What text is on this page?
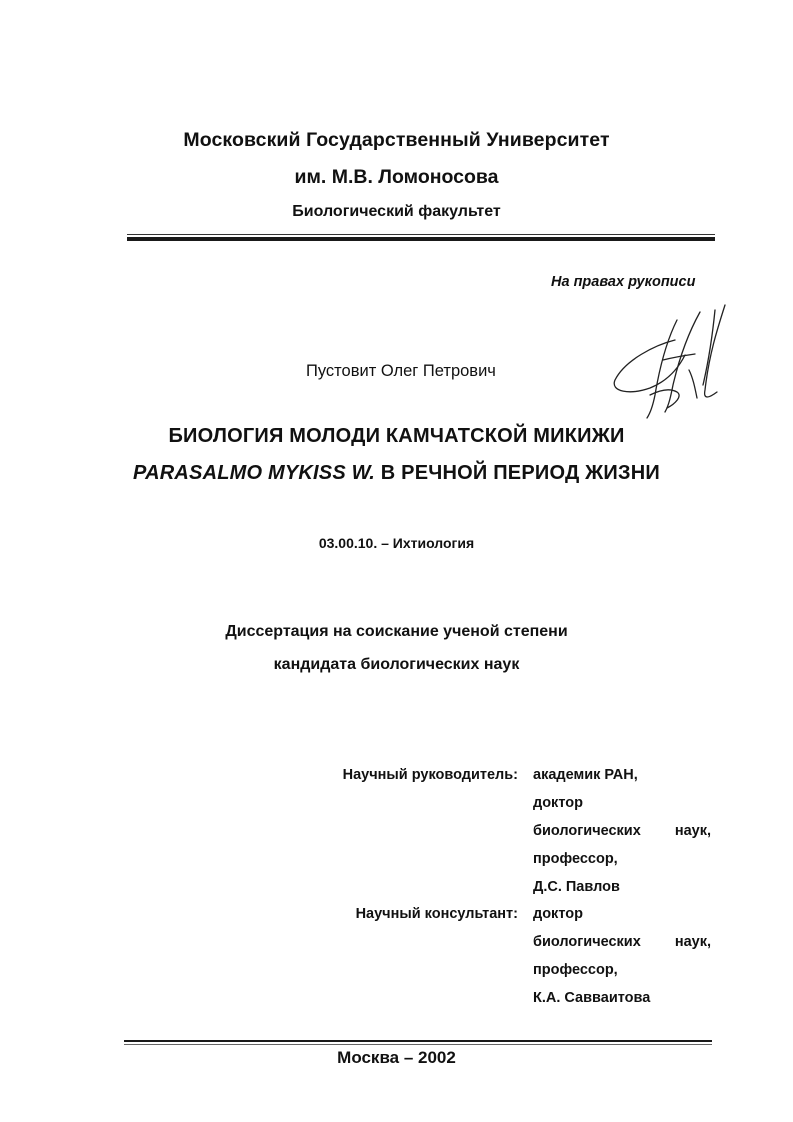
Московский Государственный Университет
им. М.В. Ломоносова
Биологический факультет
На правах рукописи
Пустовит Олег Петрович
БИОЛОГИЯ МОЛОДИ КАМЧАТСКОЙ МИКИЖИ
PARASALMO MYKISS W. В РЕЧНОЙ ПЕРИОД ЖИЗНИ
03.00.10. – Ихтиология
Диссертация на соискание ученой степени
кандидата биологических наук
Научный руководитель: академик РАН,
доктор
биологических наук,
профессор,
Д.С. Павлов
Научный консультант: доктор
биологических наук,
профессор,
К.А. Савваитова
Москва – 2002
